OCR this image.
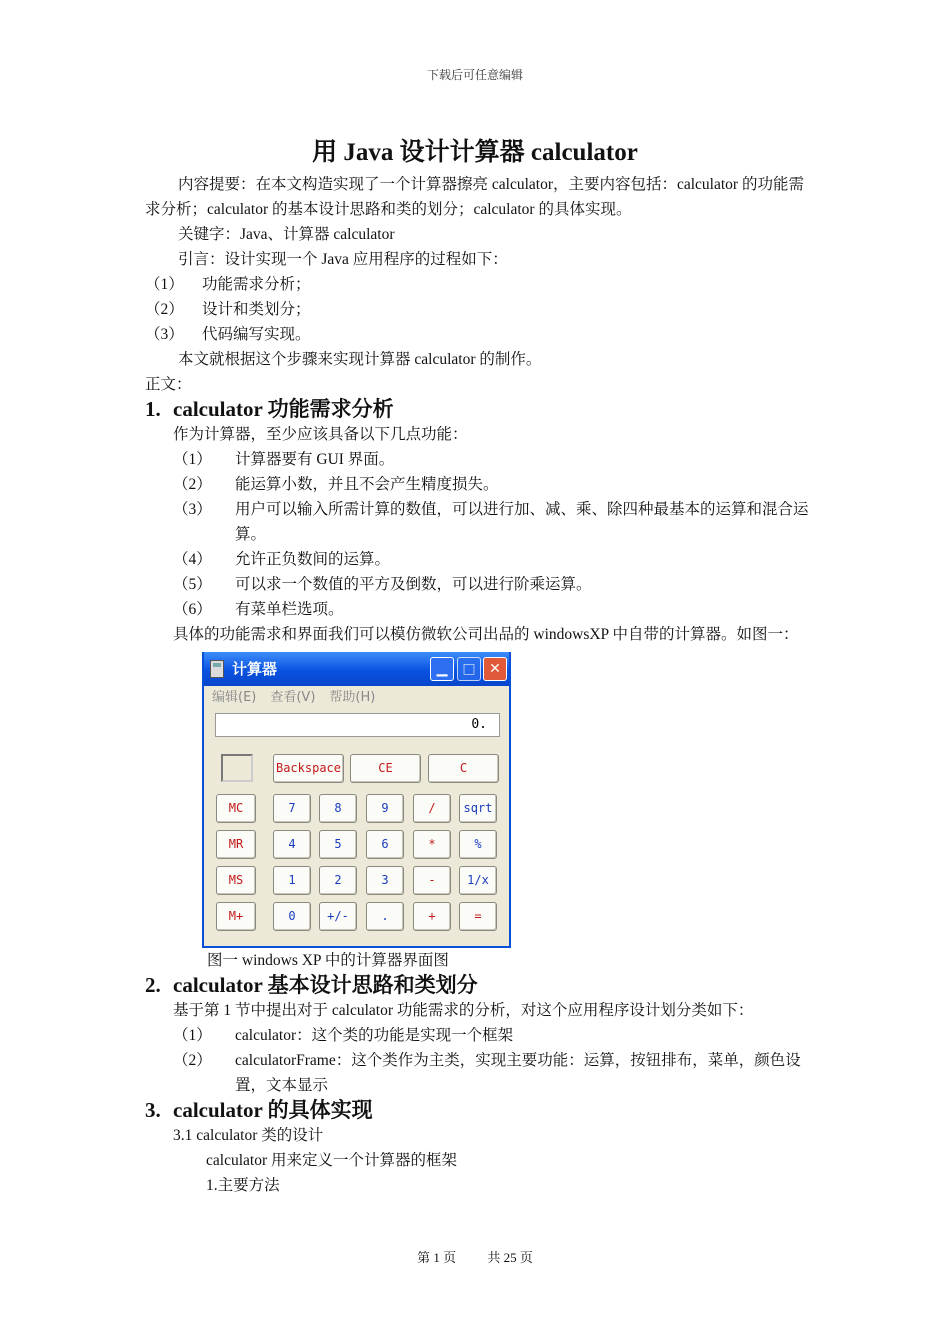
下载后可任意编辑
用 Java 设计计算器 calculator

内容提要：在本文构造实现了一个计算器擦亮 calculator，主要内容包括：calculator 的功能需求分析；calculator 的基本设计思路和类的划分；calculator 的具体实现。

关键字：Java、计算器 calculator

引言：设计实现一个 Java 应用程序的过程如下：

（1）	功能需求分析；
（2）	设计和类划分；
（3）	代码编写实现。

本文就根据这个步骤来实现计算器 calculator 的制作。

正文：

1. calculator 功能需求分析

作为计算器，至少应该具备以下几点功能：

（1）	计算器要有 GUI 界面。
（2）	能运算小数，并且不会产生精度损失。
（3）	用户可以输入所需计算的数值，可以进行加、减、乘、除四种最基本的运算和混合运算。
（4）	允许正负数间的运算。
（5）	可以求一个数值的平方及倒数，可以进行阶乘运算。
（6）	有菜单栏选项。

具体的功能需求和界面我们可以模仿微软公司出品的 windowsXP 中自带的计算器。如图一：

计算器	▁	□ ✕
编辑(E) 查看(V) 帮助(H)
0.
Backspace	CE	C
MC	7	8	9	/	sqrt
MR	4	5	6	*	%
MS	1	2	3	-	1/x
M+	0	+/-	.	+	=

图一 windows XP 中的计算器界面图

2. calculator 基本设计思路和类划分

基于第 1 节中提出对于 calculator 功能需求的分析，对这个应用程序设计划分类如下：

（1）	calculator：这个类的功能是实现一个框架
（2）	calculatorFrame：这个类作为主类，实现主要功能：运算，按钮排布，菜单，颜色设置，文本显示
3. calculator 的具体实现

3.1 calculator 类的设计

calculator 用来定义一个计算器的框架

1.主要方法

第 1 页 共 25 页
